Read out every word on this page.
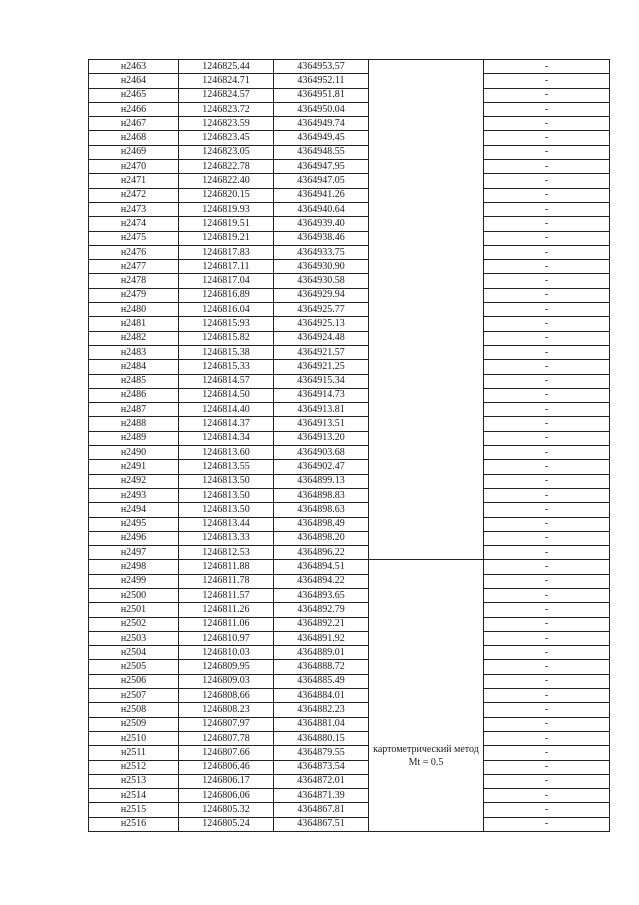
н2463	1246825.44	4364953.57		-
н2464	1246824.71	4364952.11		-
н2465	1246824.57	4364951.81		-
н2466	1246823.72	4364950.04		-
н2467	1246823.59	4364949.74		-
н2468	1246823.45	4364949.45		-
н2469	1246823.05	4364948.55		-
н2470	1246822.78	4364947.95		-
н2471	1246822.40	4364947.05		-
н2472	1246820.15	4364941.26		-
н2473	1246819.93	4364940.64		-
н2474	1246819.51	4364939.40		-
н2475	1246819.21	4364938.46		-
н2476	1246817.83	4364933.75		-
н2477	1246817.11	4364930.90		-
н2478	1246817.04	4364930.58		-
н2479	1246816.89	4364929.94		-
н2480	1246816.04	4364925.77		-
н2481	1246815.93	4364925.13		-
н2482	1246815.82	4364924.48		-
н2483	1246815.38	4364921.57		-
н2484	1246815.33	4364921.25		-
н2485	1246814.57	4364915.34		-
н2486	1246814.50	4364914.73		-
н2487	1246814.40	4364913.81		-
н2488	1246814.37	4364913.51		-
н2489	1246814.34	4364913.20		-
н2490	1246813.60	4364903.68		-
н2491	1246813.55	4364902.47		-
н2492	1246813.50	4364899.13		-
н2493	1246813.50	4364898.83		-
н2494	1246813.50	4364898.63		-
н2495	1246813.44	4364898.49		-
н2496	1246813.33	4364898.20		-
н2497	1246812.53	4364896.22		-
н2498	1246811.88	4364894.51	картометрический метод Mt = 0.5	-
н2499	1246811.78	4364894.22		-
н2500	1246811.57	4364893.65		-
н2501	1246811.26	4364892.79		-
н2502	1246811.06	4364892.21		-
н2503	1246810.97	4364891.92		-
н2504	1246810.03	4364889.01		-
н2505	1246809.95	4364888.72		-
н2506	1246809.03	4364885.49		-
н2507	1246808.66	4364884.01		-
н2508	1246808.23	4364882.23		-
н2509	1246807.97	4364881.04		-
н2510	1246807.78	4364880.15		-
н2511	1246807.66	4364879.55		-
н2512	1246806.46	4364873.54		-
н2513	1246806.17	4364872.01		-
н2514	1246806.06	4364871.39		-
н2515	1246805.32	4364867.81		-
н2516	1246805.24	4364867.51		-
